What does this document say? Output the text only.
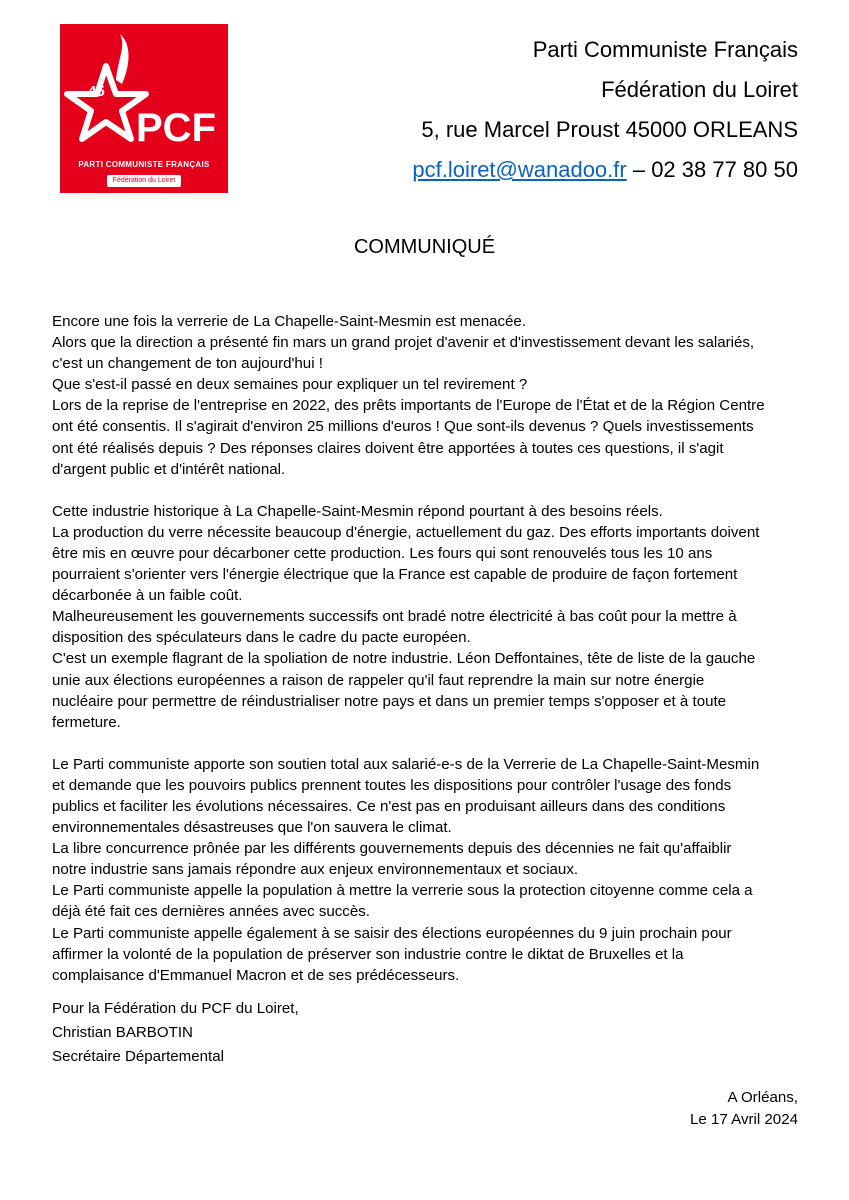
45
PCF
PARTI COMMUNISTE FRANÇAIS
Fédération du Loiret
Parti Communiste Français
Fédération du Loiret
5, rue Marcel Proust 45000 ORLEANS
pcf.loiret@wanadoo.fr – 02 38 77 80 50
COMMUNIQUÉ

Encore une fois la verrerie de La Chapelle-Saint-Mesmin est menacée.
Alors que la direction a présenté fin mars un grand projet d'avenir et d'investissement devant les salariés,
c'est un changement de ton aujourd'hui !
Que s'est-il passé en deux semaines pour expliquer un tel revirement ?
Lors de la reprise de l'entreprise en 2022, des prêts importants de l'Europe de l'État et de la Région Centre
ont été consentis. Il s'agirait d'environ 25 millions d'euros ! Que sont-ils devenus ? Quels investissements
ont été réalisés depuis ? Des réponses claires doivent être apportées à toutes ces questions, il s'agit
d'argent public et d'intérêt national.

Cette industrie historique à La Chapelle-Saint-Mesmin répond pourtant à des besoins réels.
La production du verre nécessite beaucoup d'énergie, actuellement du gaz. Des efforts importants doivent
être mis en œuvre pour décarboner cette production. Les fours qui sont renouvelés tous les 10 ans
pourraient s'orienter vers l'énergie électrique que la France est capable de produire de façon fortement
décarbonée à un faible coût.
Malheureusement les gouvernements successifs ont bradé notre électricité à bas coût pour la mettre à
disposition des spéculateurs dans le cadre du pacte européen.
C'est un exemple flagrant de la spoliation de notre industrie. Léon Deffontaines, tête de liste de la gauche
unie aux élections européennes a raison de rappeler qu'il faut reprendre la main sur notre énergie
nucléaire pour permettre de réindustrialiser notre pays et dans un premier temps s'opposer et à toute
fermeture.

Le Parti communiste apporte son soutien total aux salarié-e-s de la Verrerie de La Chapelle-Saint-Mesmin
et demande que les pouvoirs publics prennent toutes les dispositions pour contrôler l'usage des fonds
publics et faciliter les évolutions nécessaires. Ce n'est pas en produisant ailleurs dans des conditions
environnementales désastreuses que l'on sauvera le climat.
La libre concurrence prônée par les différents gouvernements depuis des décennies ne fait qu'affaiblir
notre industrie sans jamais répondre aux enjeux environnementaux et sociaux.
Le Parti communiste appelle la population à mettre la verrerie sous la protection citoyenne comme cela a
déjà été fait ces dernières années avec succès.
Le Parti communiste appelle également à se saisir des élections européennes du 9 juin prochain pour
affirmer la volonté de la population de préserver son industrie contre le diktat de Bruxelles et la
complaisance d'Emmanuel Macron et de ses prédécesseurs.

Pour la Fédération du PCF du Loiret,
Christian BARBOTIN
Secrétaire Départemental
A Orléans,
Le 17 Avril 2024
